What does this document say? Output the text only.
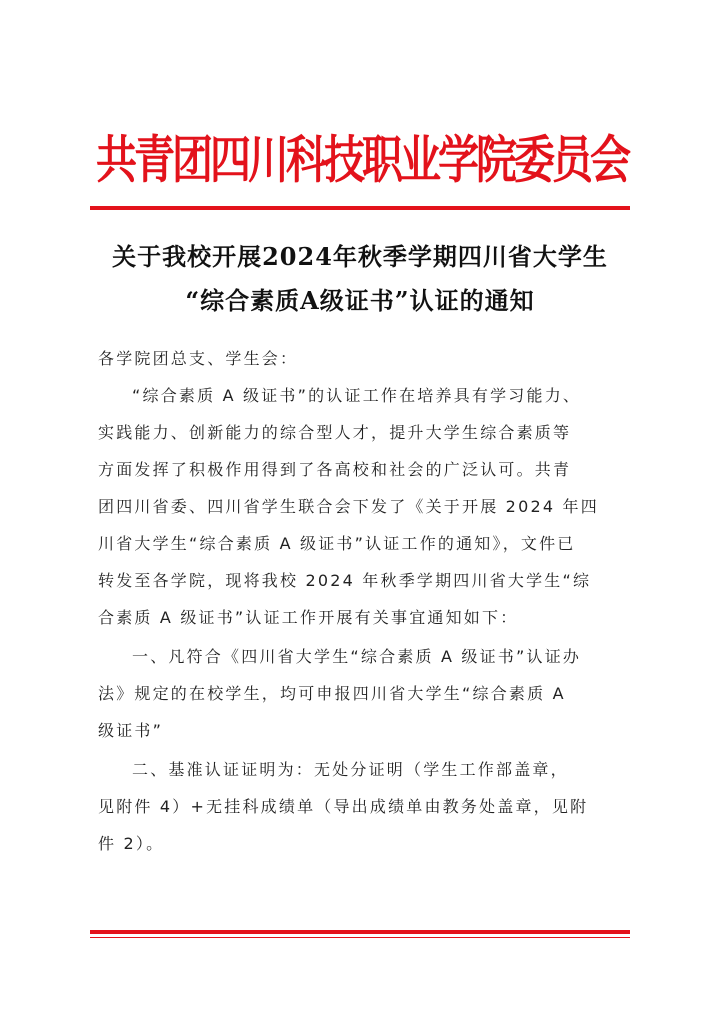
共青团四川科技职业学院委员会
关于我校开展2024年秋季学期四川省大学生
“综合素质A级证书”认证的通知
各学院团总支、学生会：
“综合素质 A 级证书”的认证工作在培养具有学习能力、
实践能力、创新能力的综合型人才，提升大学生综合素质等
方面发挥了积极作用得到了各高校和社会的广泛认可。共青
团四川省委、四川省学生联合会下发了《关于开展 2024 年四
川省大学生“综合素质 A 级证书”认证工作的通知》，文件已
转发至各学院，现将我校 2024 年秋季学期四川省大学生“综
合素质 A 级证书”认证工作开展有关事宜通知如下：
一、凡符合《四川省大学生“综合素质 A 级证书”认证办
法》规定的在校学生，均可申报四川省大学生“综合素质 A
级证书”
二、基准认证证明为：无处分证明（学生工作部盖章，
见附件 4）+无挂科成绩单（导出成绩单由教务处盖章，见附
件 2）。
